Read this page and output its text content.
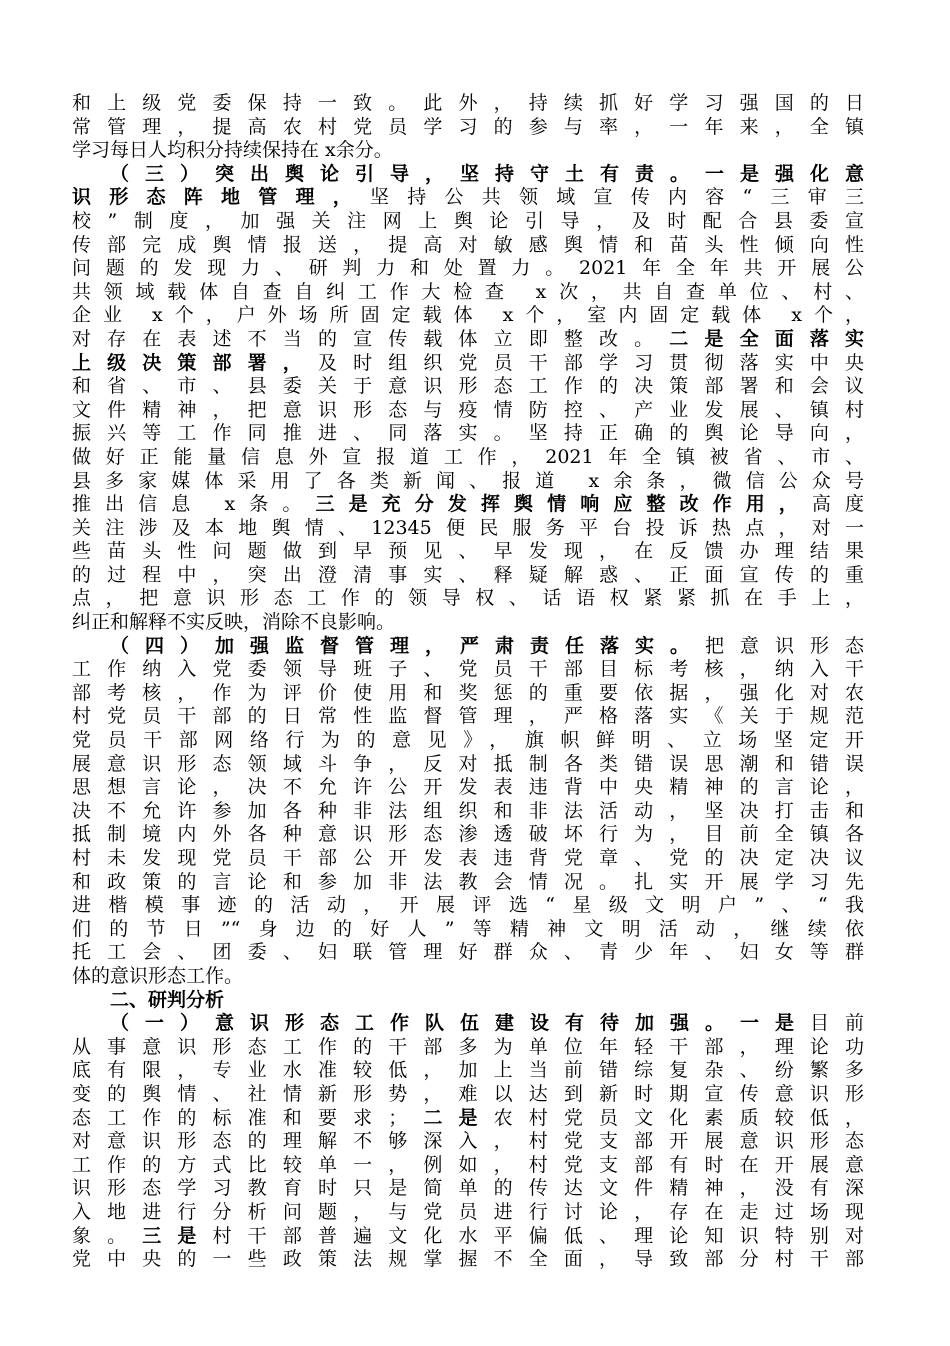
和上级党委保持一致。此外，持续抓好学习强国的日
常管理，提高农村党员学习的参与率，一年来，全镇
学习每日人均积分持续保持在 x余分。
（三）突出舆论引导，坚持守土有责。一是强化意
识形态阵地管理，坚持公共领域宣传内容“三审三
校”制度，加强关注网上舆论引导，及时配合县委宣
传部完成舆情报送，提高对敏感舆情和苗头性倾向性
问题的发现力、研判力和处置力。2021年全年共开展公
共领域载体自查自纠工作大检查 x次，共自查单位、村、
企业 x个，户外场所固定载体 x个，室内固定载体 x个，
对存在表述不当的宣传载体立即整改。二是全面落实
上级决策部署，及时组织党员干部学习贯彻落实中央
和省、市、县委关于意识形态工作的决策部署和会议
文件精神，把意识形态与疫情防控、产业发展、镇村
振兴等工作同推进、同落实。坚持正确的舆论导向，
做好正能量信息外宣报道工作，2021年全镇被省、市、
县多家媒体采用了各类新闻、报道 x余条，微信公众号
推出信息 x条。三是充分发挥舆情响应整改作用，高度
关注涉及本地舆情、12345便民服务平台投诉热点，对一
些苗头性问题做到早预见、早发现，在反馈办理结果
的过程中，突出澄清事实、释疑解惑、正面宣传的重
点，把意识形态工作的领导权、话语权紧紧抓在手上，
纠正和解释不实反映，消除不良影响。
（四）加强监督管理，严肃责任落实。把意识形态
工作纳入党委领导班子、党员干部目标考核，纳入干
部考核，作为评价使用和奖惩的重要依据，强化对农
村党员干部的日常性监督管理，严格落实《关于规范
党员干部网络行为的意见》，旗帜鲜明、立场坚定开
展意识形态领域斗争，反对抵制各类错误思潮和错误
思想言论，决不允许公开发表违背中央精神的言论，
决不允许参加各种非法组织和非法活动，坚决打击和
抵制境内外各种意识形态渗透破坏行为，目前全镇各
村未发现党员干部公开发表违背党章、党的决定决议
和政策的言论和参加非法教会情况。扎实开展学习先
进楷模事迹的活动，开展评选“星级文明户”、“我
们的节日”“身边的好人”等精神文明活动，继续依
托工会、团委、妇联管理好群众、青少年、妇女等群
体的意识形态工作。
二、研判分析
（一）意识形态工作队伍建设有待加强。一是目前
从事意识形态工作的干部多为单位年轻干部，理论功
底有限，专业水准较低，加上当前错综复杂、纷繁多
变的舆情、社情新形势，难以达到新时期宣传意识形
态工作的标准和要求；二是农村党员文化素质较低，
对意识形态的理解不够深入，村党支部开展意识形态
工作的方式比较单一，例如，村党支部有时在开展意
识形态学习教育时只是简单的传达文件精神，没有深
入地进行分析问题，与党员进行讨论，存在走过场现
象。三是村干部普遍文化水平偏低、理论知识特别对
党中央的一些政策法规掌握不全面，导致部分村干部
